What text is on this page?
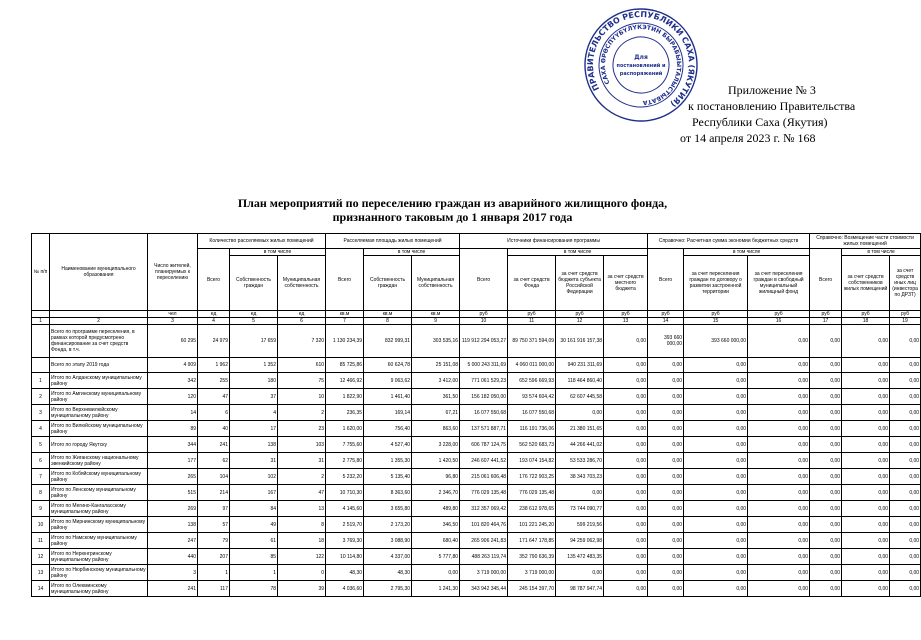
ПРАВИТЕЛЬСТВО РЕСПУБЛИКИ САХА (ЯКУТИЯ)
САХА ӨРӨСПҮҮБҮЛҮКЭТИН БЫРАБЫЫТАЛЫСТЫБАТА
Для
постановлений и
распоряжений
Приложение № 3
к постановлению Правительства
Республики Саха (Якутия)
от 14 апреля 2023 г. № 168
План мероприятий по переселению граждан из аварийного жилищного фонда,
признанного таковым до 1 января 2017 года
№ п/п	Наименование муниципального образования	Число жителей, планируемых к переселению	Количество расселяемых жилых помещений			Расселяемая площадь жилых помещений			Источники финансирования программы				Справочно: Расчетная сумма экономии бюджетных средств			Справочно: Возмещение части стоимости жилых помещений		
			Всего	в том числе		Всего	в том числе		Всего	в том числе			Всего	в том числе		Всего	в том числе	
				Собственность граждан	Муниципальная собственность		Собственность граждан	Муниципальная собственность		за счет средств Фонда	за счет средств бюджета субъекта Российской Федерации	за счет средств местного бюджета		за счет переселения граждан по договору о развитии застроенной территории	за счет переселения граждан в свободный муниципальный жилищный фонд		за счет средств собственников жилых помещений	за счет средств иных лиц (инвестора по ДРЗТ)
		чел	ед	ед	ед	кв.м	кв.м	кв.м	руб	руб	руб	руб	руб	руб	руб	руб	руб	руб
1	2	3	4	5	6	7	8	9	10	11	12	13	14	15	16	17	18	19
	Всего по программе переселения, в рамках которой предусмотрено финансирование за счет средств Фонда, в т.ч.	60 295	24 979	17 659	7 320	1 130 234,39	832 999,31	303 535,16	119 912 294 053,27	89 750 371 594,09	30 161 916 157,38	0,00	393 660 000,00	393 660 000,00	0,00	0,00	0,00	0,00
	Всего по этапу 2019 года	4 909	1 962	1 352	610	85 725,86	60 624,78	25 151,08	5 000 243 311,69	4 060 011 000,00	940 231 311,69	0,00	0,00	0,00	0,00	0,00	0,00	0,00
1	Итого по Алданскому муниципальному району	342	255	180	75	12 466,92	9 063,62	3 412,00	771 061 529,23	652 596 669,93	118 464 860,40	0,00	0,00	0,00	0,00	0,00	0,00	0,00
2	Итого по Амгинскому муниципальному району	120	47	37	10	1 822,90	1 461,40	361,50	156 182 050,00	93 574 604,42	62 607 445,58	0,00	0,00	0,00	0,00	0,00	0,00	0,00
3	Итого по Верхневилюйскому муниципальному району	14	6	4	2	236,35	169,14	67,21	16 077 550,68	16 077 550,68	0,00	0,00	0,00	0,00	0,00	0,00	0,00	0,00
4	Итого по Вилюйскому муниципальному району	89	40	17	23	1 620,00	756,40	863,60	137 571 887,71	116 191 736,06	21 380 151,65	0,00	0,00	0,00	0,00	0,00	0,00	0,00
5	Итого по городу Якутску	344	241	138	103	7 755,60	4 527,40	3 228,00	606 787 124,75	562 520 683,73	44 266 441,02	0,00	0,00	0,00	0,00	0,00	0,00	0,00
6	Итого по Жиганскому национальному эвенкийскому району	177	62	31	31	2 775,80	1 355,30	1 420,50	246 607 441,52	193 074 154,82	53 533 286,70	0,00	0,00	0,00	0,00	0,00	0,00	0,00
7	Итого по Кобяйскому муниципальному району	265	104	102	2	5 232,20	5 135,40	96,80	215 061 606,48	176 722 903,25	38 343 703,23	0,00	0,00	0,00	0,00	0,00	0,00	0,00
8	Итого по Ленскому муниципальному району	515	214	167	47	10 710,30	8 363,60	2 346,70	776 029 135,48	776 029 135,48	0,00	0,00	0,00	0,00	0,00	0,00	0,00	0,00
9	Итого по Мегино-Кангаласскому муниципальному району	269	97	84	13	4 145,60	3 655,80	489,80	312 357 069,42	238 612 978,65	73 744 090,77	0,00	0,00	0,00	0,00	0,00	0,00	0,00
10	Итого по Мирнинскому муниципальному району	138	57	49	8	2 519,70	2 173,20	346,50	101 820 464,76	101 221 245,20	599 219,56	0,00	0,00	0,00	0,00	0,00	0,00	0,00
11	Итого по Намскому муниципальному району	247	79	61	18	3 769,30	3 088,90	680,40	265 906 241,83	171 647 178,85	94 259 062,98	0,00	0,00	0,00	0,00	0,00	0,00	0,00
12	Итого по Нерюнгринскому муниципальному району	440	207	85	122	10 114,80	4 337,00	5 777,80	488 263 119,74	352 790 636,39	135 472 483,35	0,00	0,00	0,00	0,00	0,00	0,00	0,00
13	Итого по Нюрбинскому муниципальному району	3	1	1	0	48,30	48,30	0,00	3 719 000,00	3 719 000,00	0,00	0,00	0,00	0,00	0,00	0,00	0,00	0,00
14	Итого по Олекминскому муниципальному району	241	117	78	39	4 036,60	2 795,30	1 241,30	343 942 345,44	245 154 397,70	98 787 947,74	0,00	0,00	0,00	0,00	0,00	0,00	0,00
